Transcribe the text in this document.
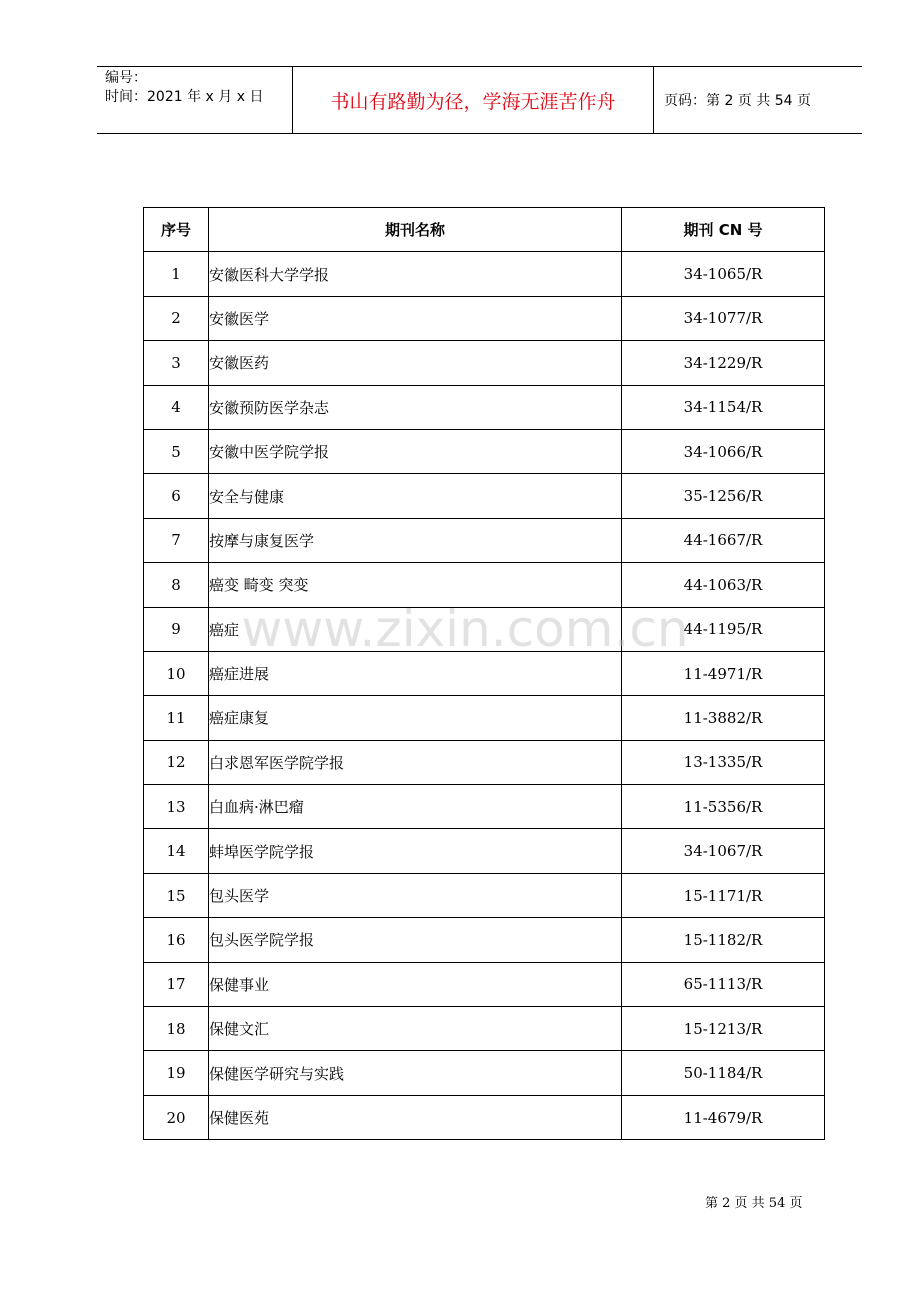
编号：
时间：2021 年 x 月 x 日	书山有路勤为径，学海无涯苦作舟	页码：第 2 页 共 54 页
序号	期刊名称	期刊 CN 号
1	安徽医科大学学报	34-1065/R
2	安徽医学	34-1077/R
3	安徽医药	34-1229/R
4	安徽预防医学杂志	34-1154/R
5	安徽中医学院学报	34-1066/R
6	安全与健康	35-1256/R
7	按摩与康复医学	44-1667/R
8	癌变 畸变 突变	44-1063/R
9	癌症	44-1195/R
10	癌症进展	11-4971/R
11	癌症康复	11-3882/R
12	白求恩军医学院学报	13-1335/R
13	白血病·淋巴瘤	11-5356/R
14	蚌埠医学院学报	34-1067/R
15	包头医学	15-1171/R
16	包头医学院学报	15-1182/R
17	保健事业	65-1113/R
18	保健文汇	15-1213/R
19	保健医学研究与实践	50-1184/R
20	保健医苑	11-4679/R
www.zixin.com.cn
第 2 页 共 54 页
